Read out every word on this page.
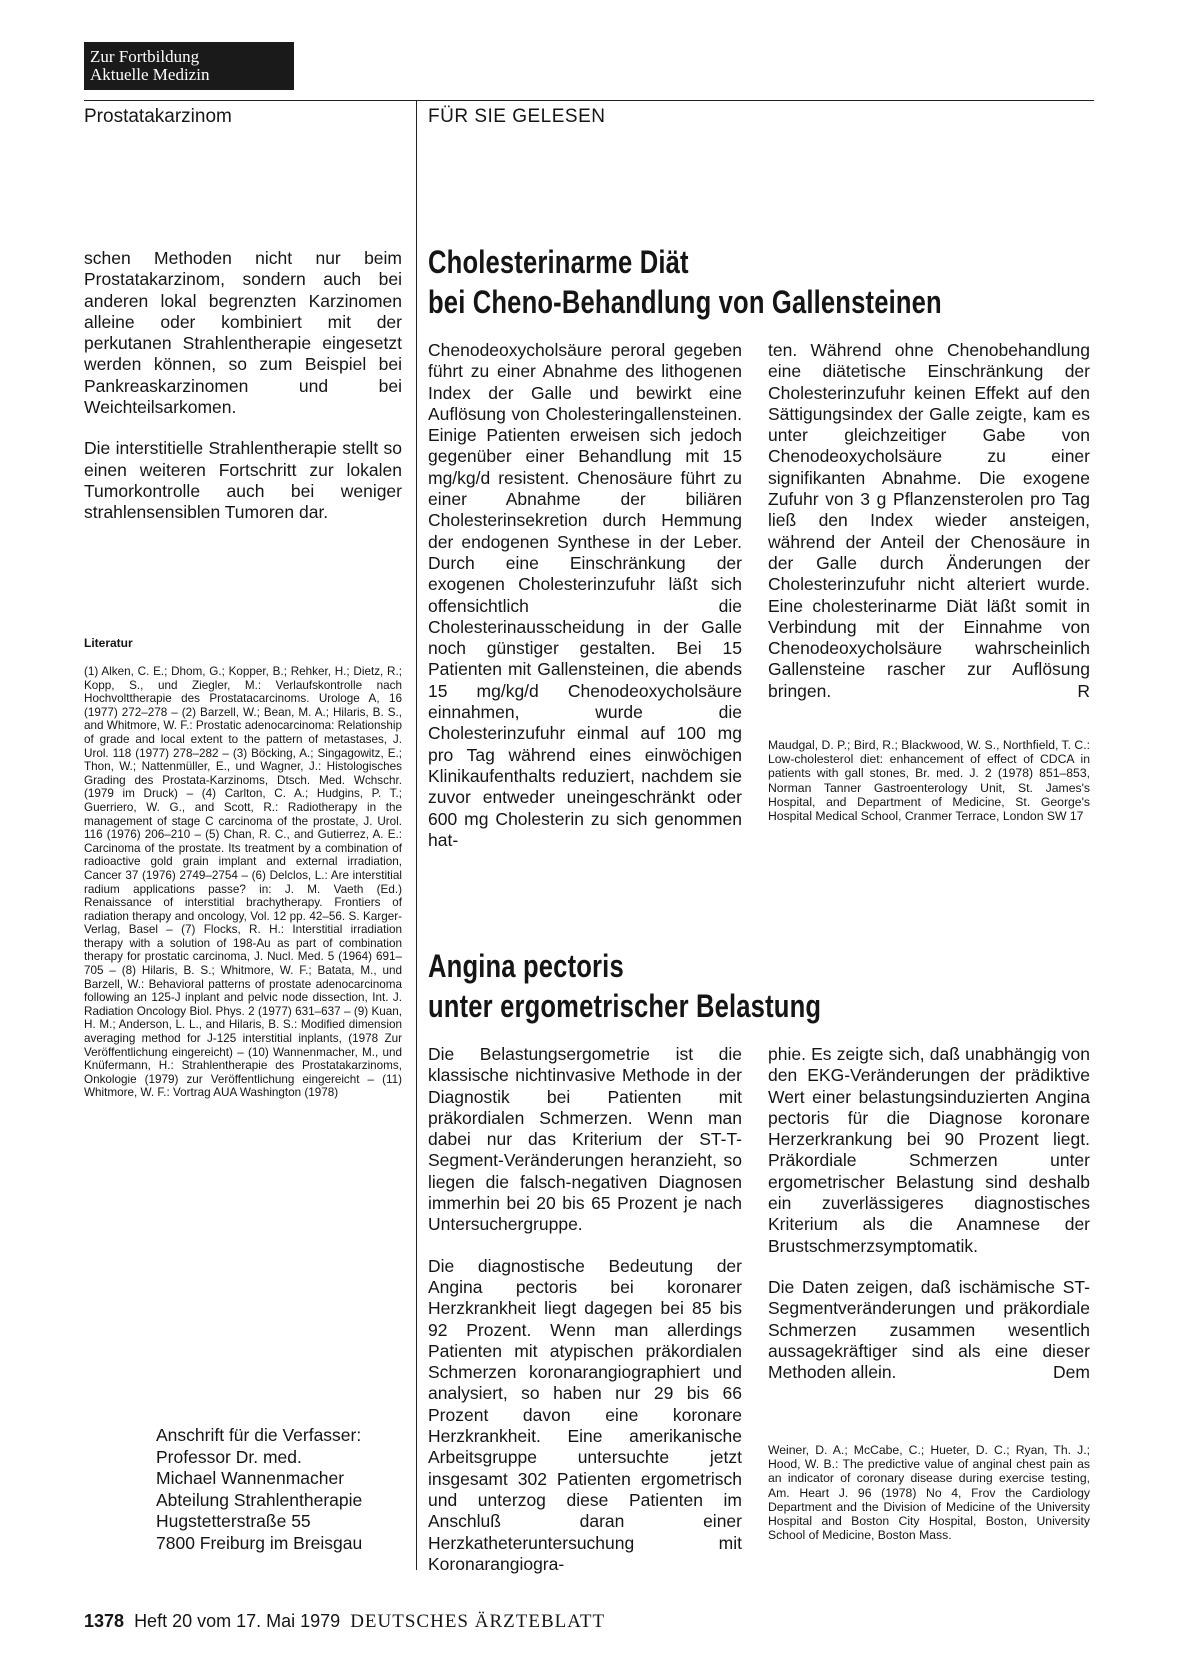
Zur Fortbildung
Aktuelle Medizin
Prostatakarzinom	FÜR SIE GELESEN

schen Methoden nicht nur beim Prostatakarzinom, sondern auch bei anderen lokal begrenzten Karzinomen alleine oder kombiniert mit der perkutanen Strahlentherapie eingesetzt werden können, so zum Beispiel bei Pankreaskarzinomen und bei Weichteilsarkomen.

Die interstitielle Strahlentherapie stellt so einen weiteren Fortschritt zur lokalen Tumorkontrolle auch bei weniger strahlensensiblen Tumoren dar.

Literatur
(1) Alken, C. E.; Dhom, G.; Kopper, B.; Rehker, H.; Dietz, R.; Kopp, S., und Ziegler, M.: Verlaufskontrolle nach Hochvolttherapie des Prostatacarcinoms. Urologe A, 16 (1977) 272–278 – (2) Barzell, W.; Bean, M. A.; Hilaris, B. S., and Whitmore, W. F.: Prostatic adenocarcinoma: Relationship of grade and local extent to the pattern of metastases, J. Urol. 118 (1977) 278–282 – (3) Böcking, A.; Singagowitz, E.; Thon, W.; Nattenmüller, E., und Wagner, J.: Histologisches Grading des Prostata-Karzinoms, Dtsch. Med. Wchschr. (1979 im Druck) – (4) Carlton, C. A.; Hudgins, P. T.; Guerriero, W. G., and Scott, R.: Radiotherapy in the management of stage C carcinoma of the prostate, J. Urol. 116 (1976) 206–210 – (5) Chan, R. C., and Gutierrez, A. E.: Carcinoma of the prostate. Its treatment by a combination of radioactive gold grain implant and external irradiation, Cancer 37 (1976) 2749–2754 – (6) Delclos, L.: Are interstitial radium applications passe? in: J. M. Vaeth (Ed.) Renaissance of interstitial brachytherapy. Frontiers of radiation therapy and oncology, Vol. 12 pp. 42–56. S. Karger-Verlag, Basel – (7) Flocks, R. H.: Interstitial irradiation therapy with a solution of 198-Au as part of combination therapy for prostatic carcinoma, J. Nucl. Med. 5 (1964) 691–705 – (8) Hilaris, B. S.; Whitmore, W. F.; Batata, M., und Barzell, W.: Behavioral patterns of prostate adenocarcinoma following an 125-J inplant and pelvic node dissection, Int. J. Radiation Oncology Biol. Phys. 2 (1977) 631–637 – (9) Kuan, H. M.; Anderson, L. L., and Hilaris, B. S.: Modified dimension averaging method for J-125 interstitial inplants, (1978 Zur Veröffentlichung eingereicht) – (10) Wannenmacher, M., und Knüfermann, H.: Strahlentherapie des Prostatakarzinoms, Onkologie (1979) zur Veröffentlichung eingereicht – (11) Whitmore, W. F.: Vortrag AUA Washington (1978)
Anschrift für die Verfasser:
Professor Dr. med.
Michael Wannenmacher
Abteilung Strahlentherapie
Hugstetterstraße 55
7800 Freiburg im Breisgau
Cholesterinarme Diät
bei Cheno-Behandlung von Gallensteinen

Chenodeoxycholsäure peroral gegeben führt zu einer Abnahme des lithogenen Index der Galle und bewirkt eine Auflösung von Cholesteringallensteinen. Einige Patienten erweisen sich jedoch gegenüber einer Behandlung mit 15 mg/kg/d resistent. Chenosäure führt zu einer Abnahme der biliären Cholesterinsekretion durch Hemmung der endogenen Synthese in der Leber. Durch eine Einschränkung der exogenen Cholesterinzufuhr läßt sich offensichtlich die Cholesterinausscheidung in der Galle noch günstiger gestalten. Bei 15 Patienten mit Gallensteinen, die abends 15 mg/kg/d Chenodeoxycholsäure einnahmen, wurde die Cholesterinzufuhr einmal auf 100 mg pro Tag während eines einwöchigen Klinikaufenthalts reduziert, nachdem sie zuvor entweder uneingeschränkt oder 600 mg Cholesterin zu sich genommen hat-

ten. Während ohne Chenobehandlung eine diätetische Einschränkung der Cholesterinzufuhr keinen Effekt auf den Sättigungsindex der Galle zeigte, kam es unter gleichzeitiger Gabe von Chenodeoxycholsäure zu einer signifikanten Abnahme. Die exogene Zufuhr von 3 g Pflanzensterolen pro Tag ließ den Index wieder ansteigen, während der Anteil der Chenosäure in der Galle durch Änderungen der Cholesterinzufuhr nicht alteriert wurde. Eine cholesterinarme Diät läßt somit in Verbindung mit der Einnahme von Chenodeoxycholsäure wahrscheinlich Gallensteine rascher zur Auflösung bringen.	R

Maudgal, D. P.; Bird, R.; Blackwood, W. S., Northfield, T. C.: Low-cholesterol diet: enhancement of effect of CDCA in patients with gall stones, Br. med. J. 2 (1978) 851–853, Norman Tanner Gastroenterology Unit, St. James's Hospital, and Department of Medicine, St. George's Hospital Medical School, Cranmer Terrace, London SW 17
Angina pectoris
unter ergometrischer Belastung

Die Belastungsergometrie ist die klassische nichtinvasive Methode in der Diagnostik bei Patienten mit präkordialen Schmerzen. Wenn man dabei nur das Kriterium der ST-T-Segment-Veränderungen heranzieht, so liegen die falsch-negativen Diagnosen immerhin bei 20 bis 65 Prozent je nach Untersuchergruppe.

Die diagnostische Bedeutung der Angina pectoris bei koronarer Herzkrankheit liegt dagegen bei 85 bis 92 Prozent. Wenn man allerdings Patienten mit atypischen präkordialen Schmerzen koronarangiographiert und analysiert, so haben nur 29 bis 66 Prozent davon eine koronare Herzkrankheit. Eine amerikanische Arbeitsgruppe untersuchte jetzt insgesamt 302 Patienten ergometrisch und unterzog diese Patienten im Anschluß daran einer Herzkatheteruntersuchung mit Koronarangiogra-

phie. Es zeigte sich, daß unabhängig von den EKG-Veränderungen der prädiktive Wert einer belastungsinduzierten Angina pectoris für die Diagnose koronare Herzerkrankung bei 90 Prozent liegt. Präkordiale Schmerzen unter ergometrischer Belastung sind deshalb ein zuverlässigeres diagnostisches Kriterium als die Anamnese der Brustschmerzsymptomatik.

Die Daten zeigen, daß ischämische ST-Segmentveränderungen und präkordiale Schmerzen zusammen wesentlich aussagekräftiger sind als eine dieser Methoden allein.	Dem

Weiner, D. A.; McCabe, C.; Hueter, D. C.; Ryan, Th. J.; Hood, W. B.: The predictive value of anginal chest pain as an indicator of coronary disease during exercise testing, Am. Heart J. 96 (1978) No 4, Frov the Cardiology Department and the Division of Medicine of the University Hospital and Boston City Hospital, Boston, University School of Medicine, Boston Mass.
1378 Heft 20 vom 17. Mai 1979 DEUTSCHES ÄRZTEBLATT
